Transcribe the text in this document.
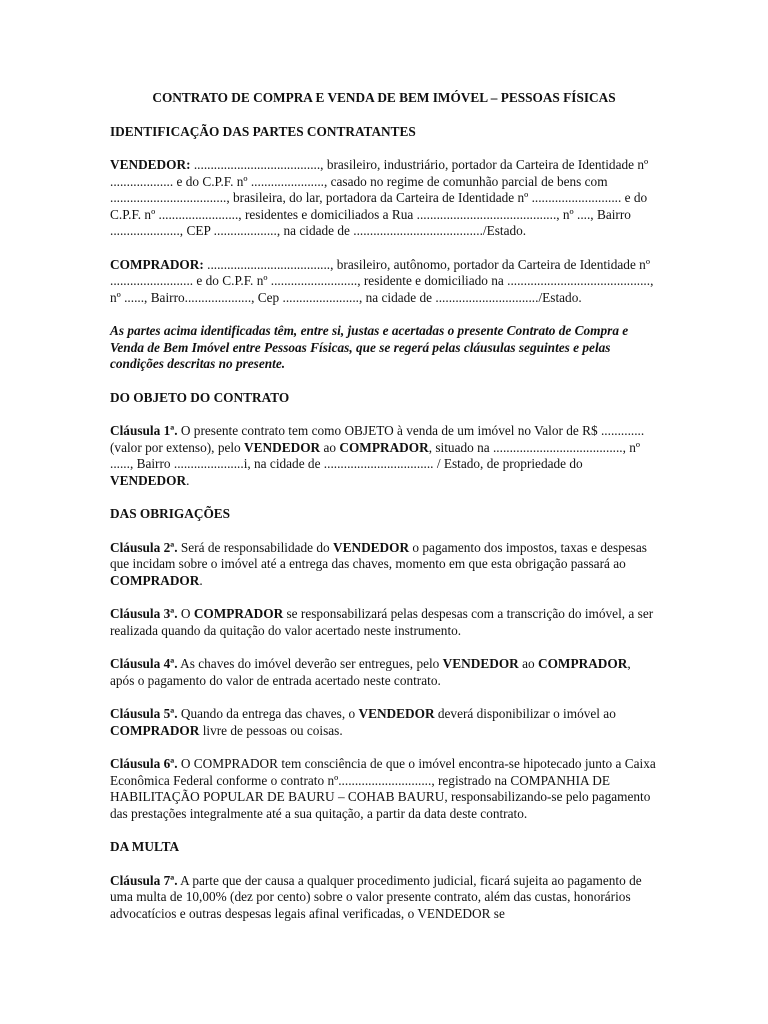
CONTRATO DE COMPRA E VENDA DE BEM IMÓVEL – PESSOAS FÍSICAS
IDENTIFICAÇÃO DAS PARTES CONTRATANTES
VENDEDOR: ......................................, brasileiro, industriário, portador da Carteira de Identidade nº ................... e do C.P.F. nº ......................, casado no regime de comunhão parcial de bens com ..................................., brasileira, do lar, portadora da Carteira de Identidade nº ........................... e do C.P.F. nº ........................, residentes e domiciliados a Rua .........................................., nº ...., Bairro ....................., CEP ..................., na cidade de ......................................./Estado.
COMPRADOR: ....................................., brasileiro, autônomo, portador da Carteira de Identidade nº ......................... e do C.P.F. nº .........................., residente e domiciliado na ..........................................., nº ......, Bairro...................., Cep ......................., na cidade de .............................../Estado.
As partes acima identificadas têm, entre si, justas e acertadas o presente Contrato de Compra e Venda de Bem Imóvel entre Pessoas Físicas, que se regerá pelas cláusulas seguintes e pelas condições descritas no presente.
DO OBJETO DO CONTRATO
Cláusula 1ª. O presente contrato tem como OBJETO à venda de um imóvel no Valor de R$ ............. (valor por extenso), pelo VENDEDOR ao COMPRADOR, situado na ......................................., nº ......, Bairro .....................i, na cidade de ................................. / Estado, de propriedade do VENDEDOR.
DAS OBRIGAÇÕES
Cláusula 2ª. Será de responsabilidade do VENDEDOR o pagamento dos impostos, taxas e despesas que incidam sobre o imóvel até a entrega das chaves, momento em que esta obrigação passará ao COMPRADOR.
Cláusula 3ª. O COMPRADOR se responsabilizará pelas despesas com a transcrição do imóvel, a ser realizada quando da quitação do valor acertado neste instrumento.
Cláusula 4ª. As chaves do imóvel deverão ser entregues, pelo VENDEDOR ao COMPRADOR, após o pagamento do valor de entrada acertado neste contrato.
Cláusula 5ª. Quando da entrega das chaves, o VENDEDOR deverá disponibilizar o imóvel ao COMPRADOR livre de pessoas ou coisas.
Cláusula 6ª. O COMPRADOR tem consciência de que o imóvel encontra-se hipotecado junto a Caixa Econômica Federal conforme o contrato nº............................, registrado na COMPANHIA DE HABILITAÇÃO POPULAR DE BAURU – COHAB BAURU, responsabilizando-se pelo pagamento das prestações integralmente até a sua quitação, a partir da data deste contrato.
DA MULTA
Cláusula 7ª. A parte que der causa a qualquer procedimento judicial, ficará sujeita ao pagamento de uma multa de 10,00% (dez por cento) sobre o valor presente contrato, além das custas, honorários advocatícios e outras despesas legais afinal verificadas, o VENDEDOR se
